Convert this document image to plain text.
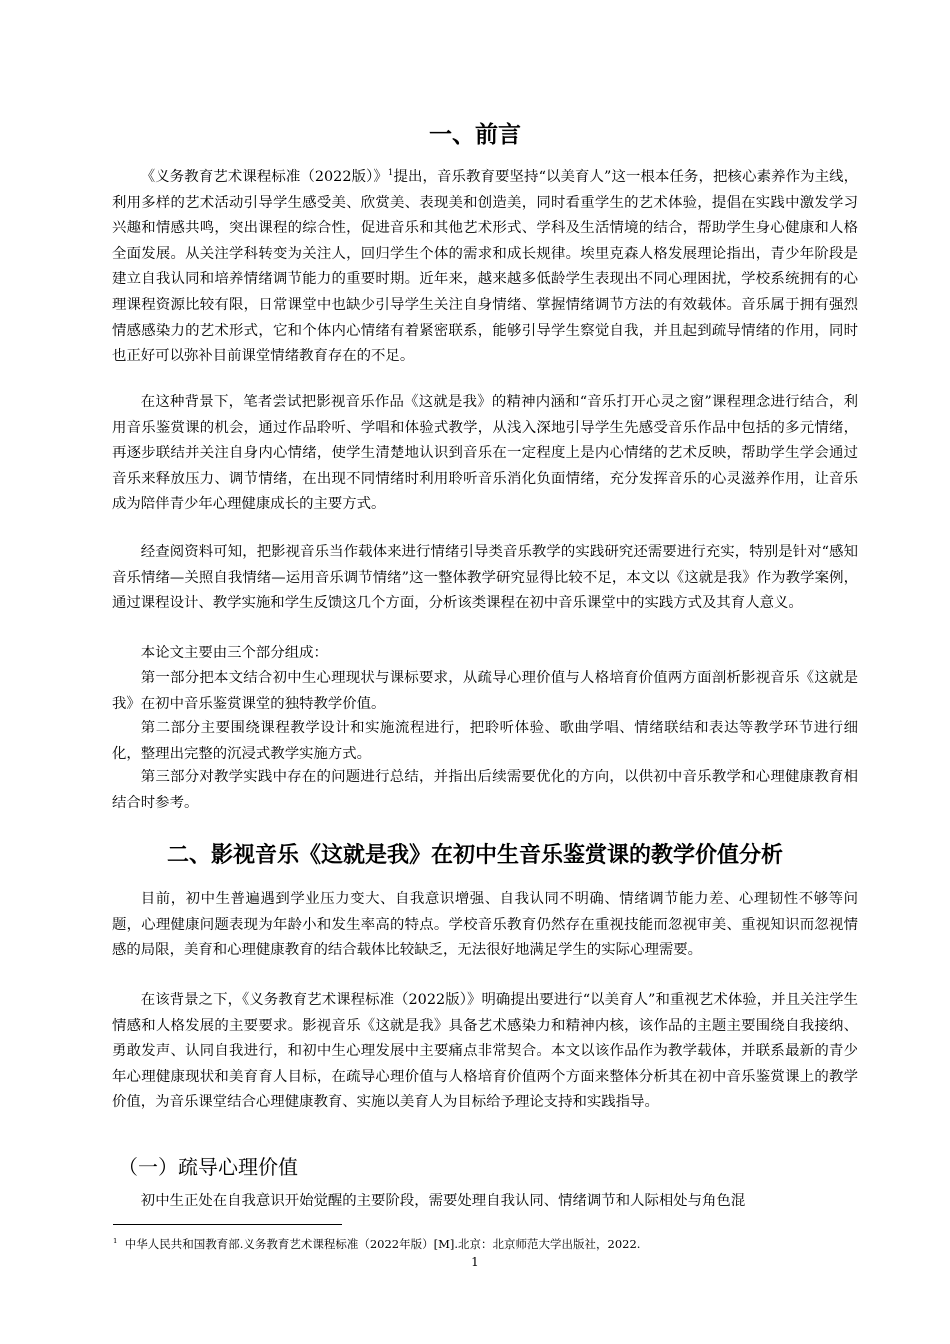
一、前言

《义务教育艺术课程标准（2022版）》$^1$提出，音乐教育要坚持“以美育人”这一根本任务，把核心素养作为主线，利用多样的艺术活动引导学生感受美、欣赏美、表现美和创造美，同时看重学生的艺术体验，提倡在实践中激发学习兴趣和情感共鸣，突出课程的综合性，促进音乐和其他艺术形式、学科及生活情境的结合，帮助学生身心健康和人格全面发展。从关注学科转变为关注人，回归学生个体的需求和成长规律。埃里克森人格发展理论指出，青少年阶段是建立自我认同和培养情绪调节能力的重要时期。近年来，越来越多低龄学生表现出不同心理困扰，学校系统拥有的心理课程资源比较有限，日常课堂中也缺少引导学生关注自身情绪、掌握情绪调节方法的有效载体。音乐属于拥有强烈情感感染力的艺术形式，它和个体内心情绪有着紧密联系，能够引导学生察觉自我，并且起到疏导情绪的作用，同时也正好可以弥补目前课堂情绪教育存在的不足。

在这种背景下，笔者尝试把影视音乐作品《这就是我》的精神内涵和“音乐打开心灵之窗”课程理念进行结合，利用音乐鉴赏课的机会，通过作品聆听、学唱和体验式教学，从浅入深地引导学生先感受音乐作品中包括的多元情绪，再逐步联结并关注自身内心情绪，使学生清楚地认识到音乐在一定程度上是内心情绪的艺术反映，帮助学生学会通过音乐来释放压力、调节情绪，在出现不同情绪时利用聆听音乐消化负面情绪，充分发挥音乐的心灵滋养作用，让音乐成为陪伴青少年心理健康成长的主要方式。

经查阅资料可知，把影视音乐当作载体来进行情绪引导类音乐教学的实践研究还需要进行充实，特别是针对“感知音乐情绪—关照自我情绪—运用音乐调节情绪”这一整体教学研究显得比较不足，本文以《这就是我》作为教学案例，通过课程设计、教学实施和学生反馈这几个方面，分析该类课程在初中音乐课堂中的实践方式及其育人意义。

本论文主要由三个部分组成：

第一部分把本文结合初中生心理现状与课标要求，从疏导心理价值与人格培育价值两方面剖析影视音乐《这就是我》在初中音乐鉴赏课堂的独特教学价值。

第二部分主要围绕课程教学设计和实施流程进行，把聆听体验、歌曲学唱、情绪联结和表达等教学环节进行细化，整理出完整的沉浸式教学实施方式。

第三部分对教学实践中存在的问题进行总结，并指出后续需要优化的方向，以供初中音乐教学和心理健康教育相结合时参考。

二、影视音乐《这就是我》在初中生音乐鉴赏课的教学价值分析

目前，初中生普遍遇到学业压力变大、自我意识增强、自我认同不明确、情绪调节能力差、心理韧性不够等问题，心理健康问题表现为年龄小和发生率高的特点。学校音乐教育仍然存在重视技能而忽视审美、重视知识而忽视情感的局限，美育和心理健康教育的结合载体比较缺乏，无法很好地满足学生的实际心理需要。

在该背景之下，《义务教育艺术课程标准（2022版）》明确提出要进行“以美育人”和重视艺术体验，并且关注学生情感和人格发展的主要要求。影视音乐《这就是我》具备艺术感染力和精神内核，该作品的主题主要围绕自我接纳、勇敢发声、认同自我进行，和初中生心理发展中主要痛点非常契合。本文以该作品作为教学载体，并联系最新的青少年心理健康现状和美育育人目标，在疏导心理价值与人格培育价值两个方面来整体分析其在初中音乐鉴赏课上的教学价值，为音乐课堂结合心理健康教育、实施以美育人为目标给予理论支持和实践指导。

（一）疏导心理价值

初中生正处在自我意识开始觉醒的主要阶段，需要处理自我认同、情绪调节和人际相处与角色混

$^1$ 中华人民共和国教育部.义务教育艺术课程标准（2022年版）[M].北京：北京师范大学出版社，2022.
1
